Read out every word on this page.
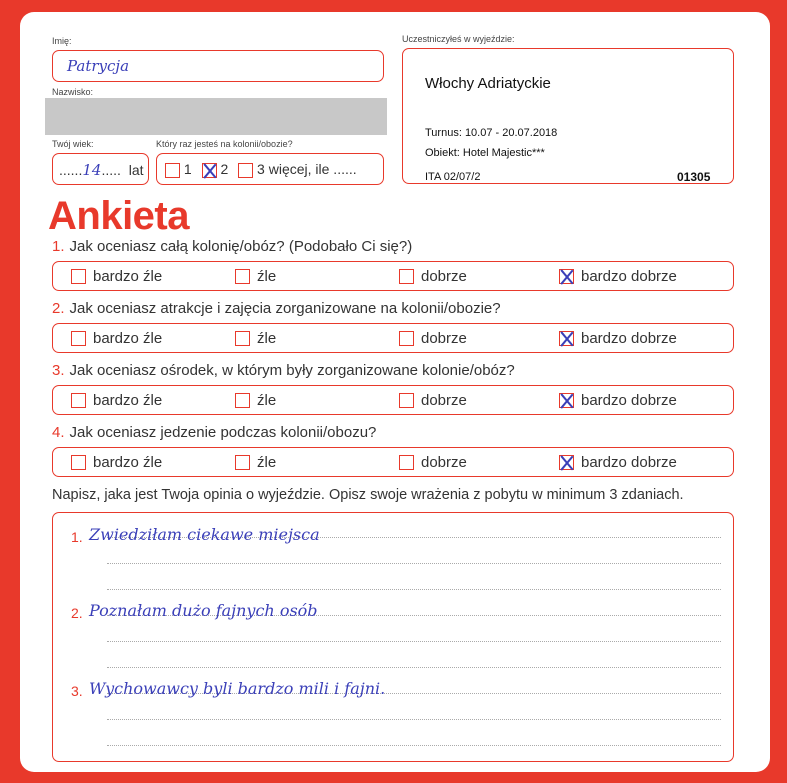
Imię:
Patrycja
Nazwisko:
Twój wiek:
......14..... lat
Który raz jesteś na kolonii/obozie?
1 2 3 więcej, ile ......
Uczestniczyłeś w wyjeździe:
Włochy Adriatyckie
Turnus: 10.07 - 20.07.2018
Obiekt: Hotel Majestic***
ITA 02/07/2	01305
Ankieta
1. Jak oceniasz całą kolonię/obóz? (Podobało Ci się?)
bardzo źle	źle	dobrze	bardzo dobrze
2. Jak oceniasz atrakcje i zajęcia zorganizowane na kolonii/obozie?
bardzo źle	źle	dobrze	bardzo dobrze
3. Jak oceniasz ośrodek, w którym były zorganizowane kolonie/obóz?
bardzo źle	źle	dobrze	bardzo dobrze
4. Jak oceniasz jedzenie podczas kolonii/obozu?
bardzo źle	źle	dobrze	bardzo dobrze
Napisz, jaka jest Twoja opinia o wyjeździe. Opisz swoje wrażenia z pobytu w minimum 3 zdaniach.
1. Zwiedziłam ciekawe miejsca
2. Poznałam dużo fajnych osób
3. Wychowawcy byli bardzo mili i fajni.
